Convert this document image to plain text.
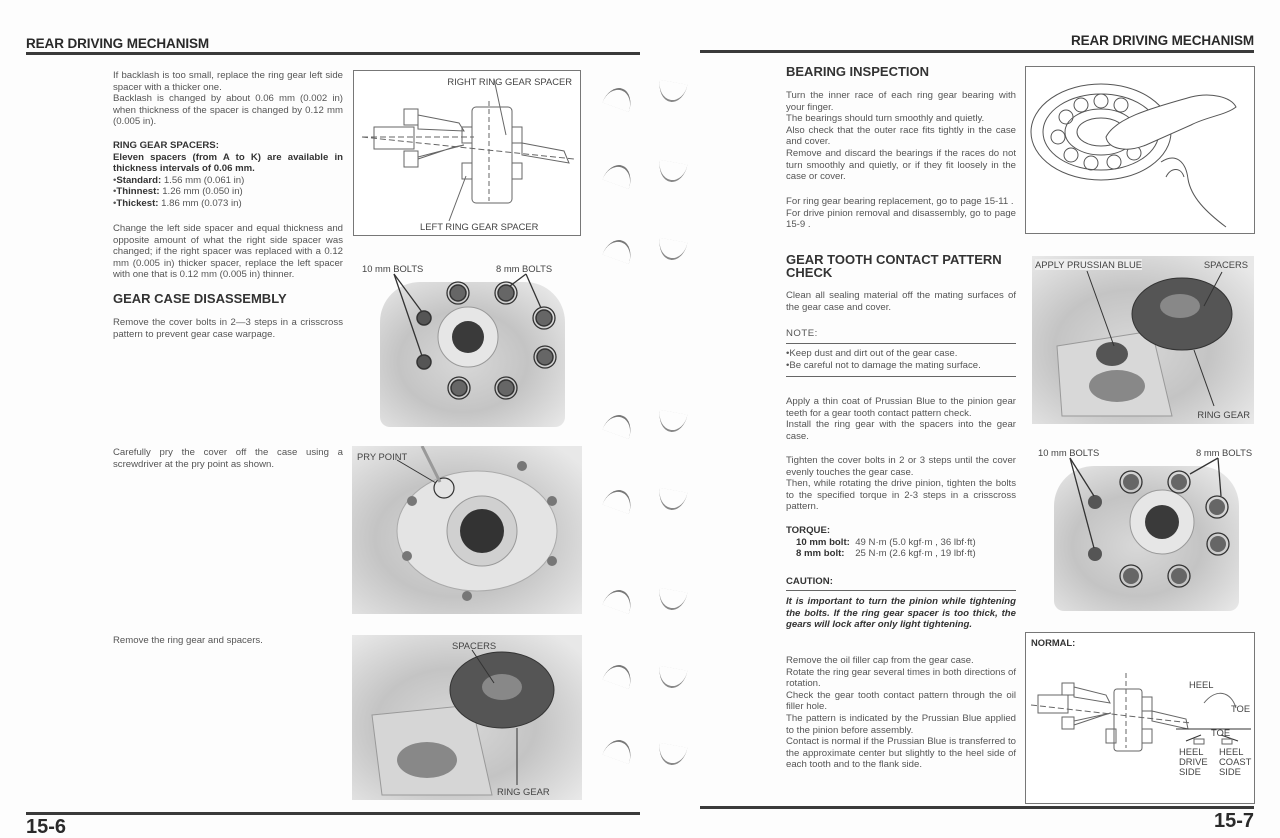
REAR DRIVING MECHANISM

If backlash is too small, replace the ring gear left side spacer with a thicker one.

Backlash is changed by about 0.06 mm (0.002 in) when thickness of the spacer is changed by 0.12 mm (0.005 in).

RING GEAR SPACERS:

Eleven spacers (from A to K) are available in thickness intervals of 0.06 mm.

• Standard: 1.56 mm (0.061 in)

• Thinnest: 1.26 mm (0.050 in)

• Thickest: 1.86 mm (0.073 in)

Change the left side spacer and equal thickness and opposite amount of what the right side spacer was changed; if the right spacer was replaced with a 0.12 mm (0.005 in) thicker spacer, replace the left spacer with one that is 0.12 mm (0.005 in) thinner.
GEAR CASE DISASSEMBLY
Remove the cover bolts in 2—3 steps in a crisscross pattern to prevent gear case warpage.
Carefully pry the cover off the case using a screwdriver at the pry point as shown.
Remove the ring gear and spacers.
RIGHT RING GEAR SPACER
LEFT RING GEAR SPACER
10 mm BOLTS	8 mm BOLTS
PRY POINT
SPACERS
RING GEAR
15-6
REAR DRIVING MECHANISM
BEARING INSPECTION

Turn the inner race of each ring gear bearing with your finger.

The bearings should turn smoothly and quietly.

Also check that the outer race fits tightly in the case and cover.

Remove and discard the bearings if the races do not turn smoothly and quietly, or if they fit loosely in the case or cover.

For ring gear bearing replacement, go to page 15-11 .

For drive pinion removal and disassembly, go to page 15-9 .

GEAR TOOTH CONTACT PATTERN
CHECK
Clean all sealing material off the mating surfaces of the gear case and cover.
NOTE:

• Keep dust and dirt out of the gear case.

• Be careful not to damage the mating surface.

Apply a thin coat of Prussian Blue to the pinion gear teeth for a gear tooth contact pattern check.

Install the ring gear with the spacers into the gear case.

Tighten the cover bolts in 2 or 3 steps until the cover evenly touches the gear case.

Then, while rotating the drive pinion, tighten the bolts to the specified torque in 2-3 steps in a crisscross pattern.

TORQUE:

10 mm bolt: 49 N·m (5.0 kgf·m , 36 lbf·ft)

8 mm bolt: 25 N·m (2.6 kgf·m , 19 lbf·ft)

CAUTION:
It is important to turn the pinion while tightening the bolts. If the ring gear spacer is too thick, the gears will lock after only light tightening.

Remove the oil filler cap from the gear case.

Rotate the ring gear several times in both directions of rotation.

Check the gear tooth contact pattern through the oil filler hole.

The pattern is indicated by the Prussian Blue applied to the pinion before assembly.

Contact is normal if the Prussian Blue is transferred to the approximate center but slightly to the heel side of each tooth and to the flank side.

APPLY PRUSSIAN BLUE	SPACERS
RING GEAR
10 mm BOLTS	8 mm BOLTS
NORMAL:
HEEL
TOE
TOE
HEEL
DRIVE
SIDE
HEEL
COAST
SIDE
15-7
